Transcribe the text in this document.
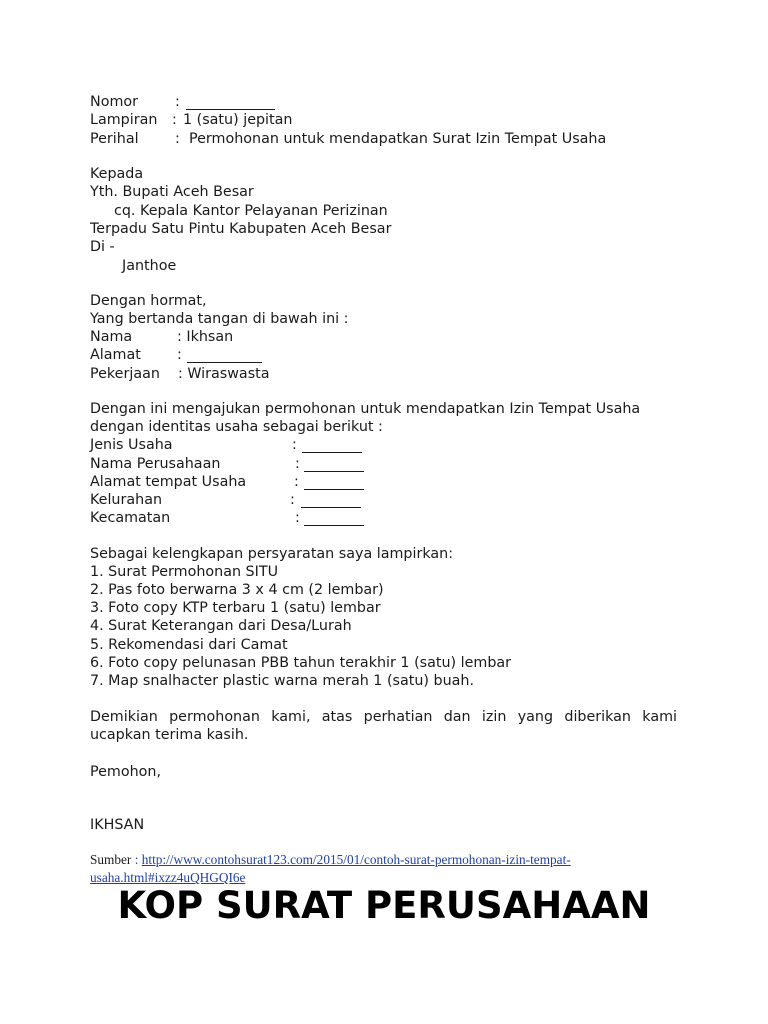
Nomor	:
Lampiran : 1 (satu) jepitan
Perihal	: Permohonan untuk mendapatkan Surat Izin Tempat Usaha
Kepada
Yth. Bupati Aceh Besar
cq. Kepala Kantor Pelayanan Perizinan
Terpadu Satu Pintu Kabupaten Aceh Besar
Di -
Janthoe
Dengan hormat,
Yang bertanda tangan di bawah ini :
Nama	: Ikhsan
Alamat	:
Pekerjaan : Wiraswasta
Dengan ini mengajukan permohonan untuk mendapatkan Izin Tempat Usaha
dengan identitas usaha sebagai berikut :
Jenis Usaha	:
Nama Perusahaan	:
Alamat tempat Usaha	:
Kelurahan	:
Kecamatan	:
Sebagai kelengkapan persyaratan saya lampirkan:
1. Surat Permohonan SITU
2. Pas foto berwarna 3 x 4 cm (2 lembar)
3. Foto copy KTP terbaru 1 (satu) lembar
4. Surat Keterangan dari Desa/Lurah
5. Rekomendasi dari Camat
6. Foto copy pelunasan PBB tahun terakhir 1 (satu) lembar
7. Map snalhacter plastic warna merah 1 (satu) buah.
Demikian permohonan kami, atas perhatian dan izin yang diberikan kami
ucapkan terima kasih.
Pemohon,
IKHSAN
Sumber : http://www.contohsurat123.com/2015/01/contoh-surat-permohonan-izin-tempat-
usaha.html#ixzz4uQHGQI6e
KOP SURAT PERUSAHAAN
